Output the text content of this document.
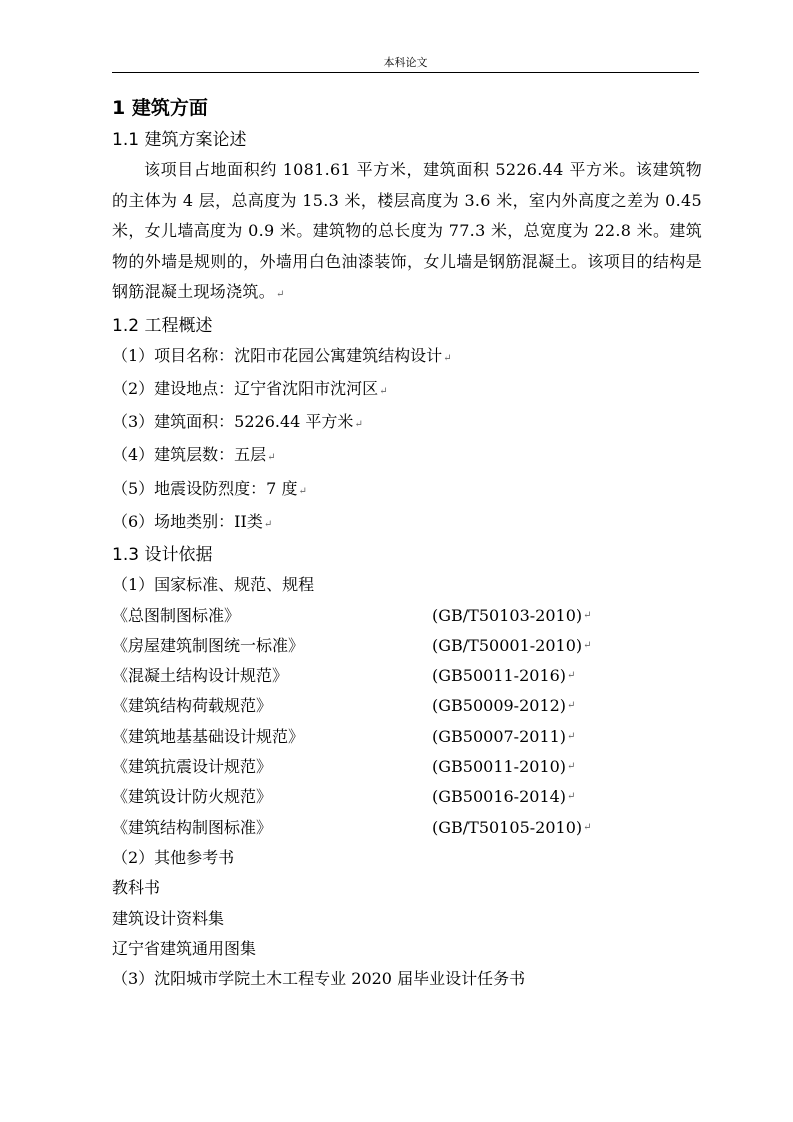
本科论文
1 建筑方面
1.1 建筑方案论述

该项目占地面积约 1081.61 平方米，建筑面积 5226.44 平方米。该建筑物的主体为 4 层，总高度为 15.3 米，楼层高度为 3.6 米，室内外高度之差为 0.45 米，女儿墙高度为 0.9 米。建筑物的总长度为 77.3 米，总宽度为 22.8 米。建筑物的外墙是规则的，外墙用白色油漆装饰，女儿墙是钢筋混凝土。该项目的结构是钢筋混凝土现场浇筑。↵

1.2 工程概述
（1）项目名称：沈阳市花园公寓建筑结构设计↵
（2）建设地点：辽宁省沈阳市沈河区↵
（3）建筑面积：5226.44 平方米↵
（4）建筑层数：五层↵
（5）地震设防烈度：7 度↵
（6）场地类别：II类↵
1.3 设计依据
（1）国家标准、规范、规程
《总图制图标准》	(GB/T50103-2010) ↵
《房屋建筑制图统一标准》	(GB/T50001-2010) ↵
《混凝土结构设计规范》	(GB50011-2016) ↵
《建筑结构荷载规范》	(GB50009-2012) ↵
《建筑地基基础设计规范》	(GB50007-2011) ↵
《建筑抗震设计规范》	(GB50011-2010) ↵
《建筑设计防火规范》	(GB50016-2014) ↵
《建筑结构制图标准》	(GB/T50105-2010) ↵
（2）其他参考书
教科书
建筑设计资料集
辽宁省建筑通用图集
（3）沈阳城市学院土木工程专业 2020 届毕业设计任务书
